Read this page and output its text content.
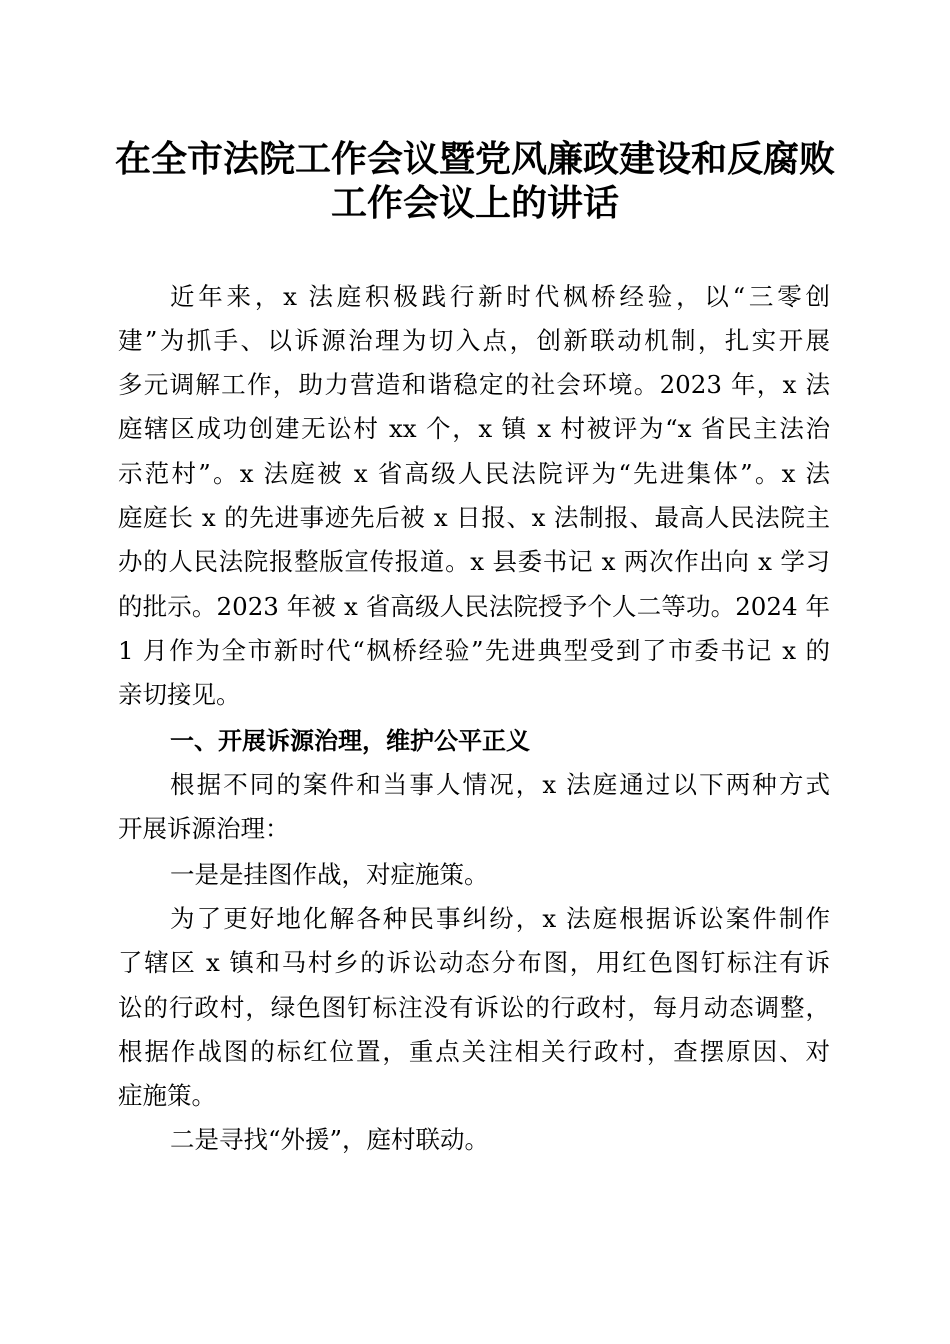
在全市法院工作会议暨党风廉政建设和反腐败
工作会议上的讲话
近年来，x 法庭积极践行新时代枫桥经验，以“三零创
建”为抓手、以诉源治理为切入点，创新联动机制，扎实开展
多元调解工作，助力营造和谐稳定的社会环境。2023 年，x 法
庭辖区成功创建无讼村 xx 个，x 镇 x 村被评为“x 省民主法治
示范村”。x 法庭被 x 省高级人民法院评为“先进集体”。x 法
庭庭长 x 的先进事迹先后被 x 日报、x 法制报、最高人民法院主
办的人民法院报整版宣传报道。x 县委书记 x 两次作出向 x 学习
的批示。2023 年被 x 省高级人民法院授予个人二等功。2024 年
1 月作为全市新时代“枫桥经验”先进典型受到了市委书记 x 的
亲切接见。
一、开展诉源治理，维护公平正义
根据不同的案件和当事人情况，x 法庭通过以下两种方式
开展诉源治理：
一是是挂图作战，对症施策。
为了更好地化解各种民事纠纷，x 法庭根据诉讼案件制作
了辖区 x 镇和马村乡的诉讼动态分布图，用红色图钉标注有诉
讼的行政村，绿色图钉标注没有诉讼的行政村，每月动态调整，
根据作战图的标红位置，重点关注相关行政村，查摆原因、对
症施策。
二是寻找“外援”，庭村联动。
